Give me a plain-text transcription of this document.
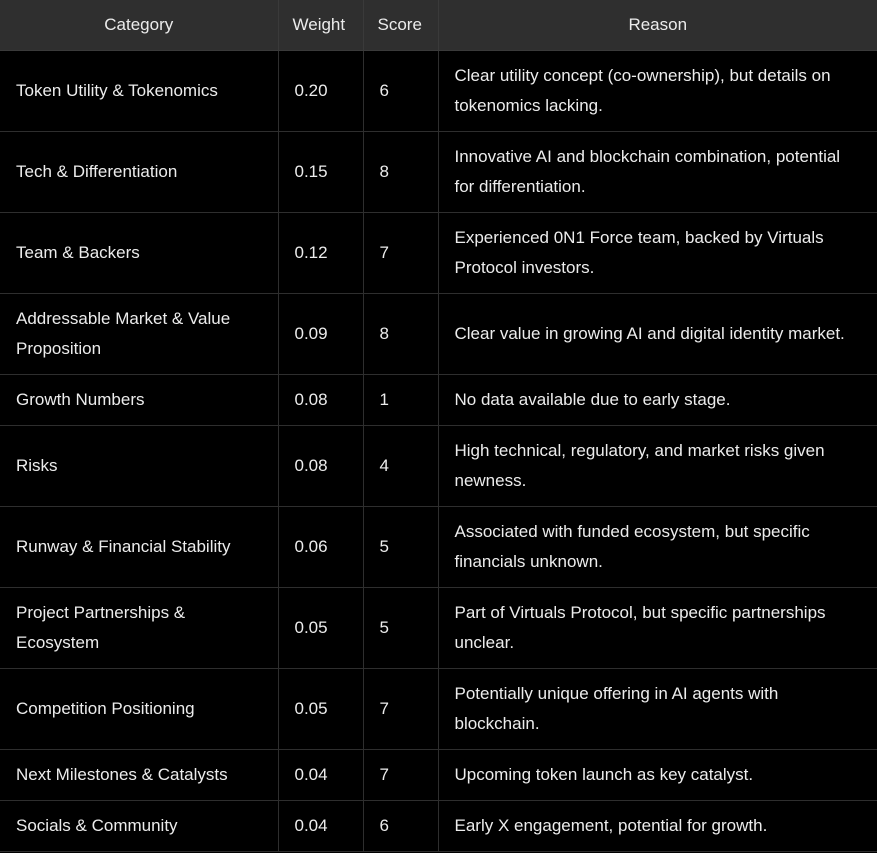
Category	Weight	Score	Reason
Token Utility & Tokenomics	0.20	6	Clear utility concept (co-ownership), but details on tokenomics lacking.
Tech & Differentiation	0.15	8	Innovative AI and blockchain combination, potential for differentiation.
Team & Backers	0.12	7	Experienced 0N1 Force team, backed by Virtuals Protocol investors.
Addressable Market & Value Proposition	0.09	8	Clear value in growing AI and digital identity market.
Growth Numbers	0.08	1	No data available due to early stage.
Risks	0.08	4	High technical, regulatory, and market risks given newness.
Runway & Financial Stability	0.06	5	Associated with funded ecosystem, but specific financials unknown.
Project Partnerships & Ecosystem	0.05	5	Part of Virtuals Protocol, but specific partnerships unclear.
Competition Positioning	0.05	7	Potentially unique offering in AI agents with blockchain.
Next Milestones & Catalysts	0.04	7	Upcoming token launch as key catalyst.
Socials & Community	0.04	6	Early X engagement, potential for growth.
